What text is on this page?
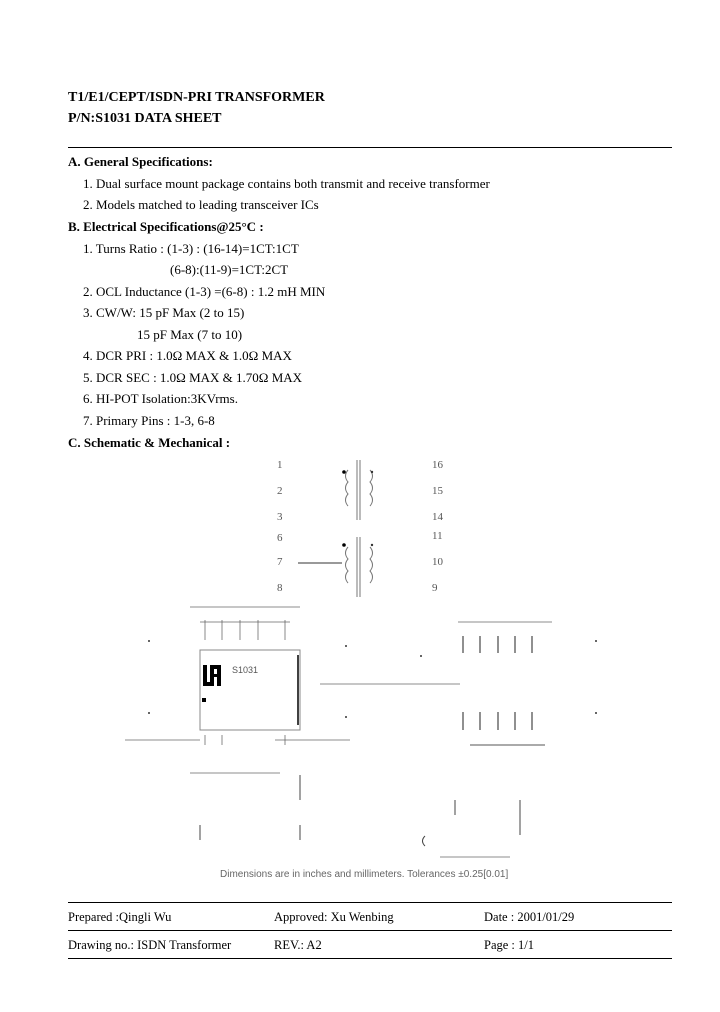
T1/E1/CEPT/ISDN-PRI TRANSFORMER
P/N:S1031 DATA SHEET
A. General Specifications:
1. Dual surface mount package contains both transmit and receive transformer
2. Models matched to leading transceiver ICs
B. Electrical Specifications@25°C :
1. Turns Ratio : (1-3) : (16-14)=1CT:1CT
(6-8):(11-9)=1CT:2CT
2. OCL Inductance (1-3) =(6-8) : 1.2 mH MIN
3. CW/W: 15 pF Max (2 to 15)
15 pF Max (7 to 10)
4. DCR PRI : 1.0Ω MAX & 1.0Ω MAX
5. DCR SEC : 1.0Ω MAX & 1.70Ω MAX
6. HI-POT Isolation:3KVrms.
7. Primary Pins : 1-3, 6-8
C. Schematic & Mechanical :
S1031
1
2
3
6
7
8
16
15
14
11
10
9
Dimensions are in inches and millimeters. Tolerances ±0.25[0.01]
Prepared :Qingli Wu	Approved: Xu Wenbing	Date : 2001/01/29
Drawing no.: ISDN Transformer	REV.: A2	Page : 1/1
